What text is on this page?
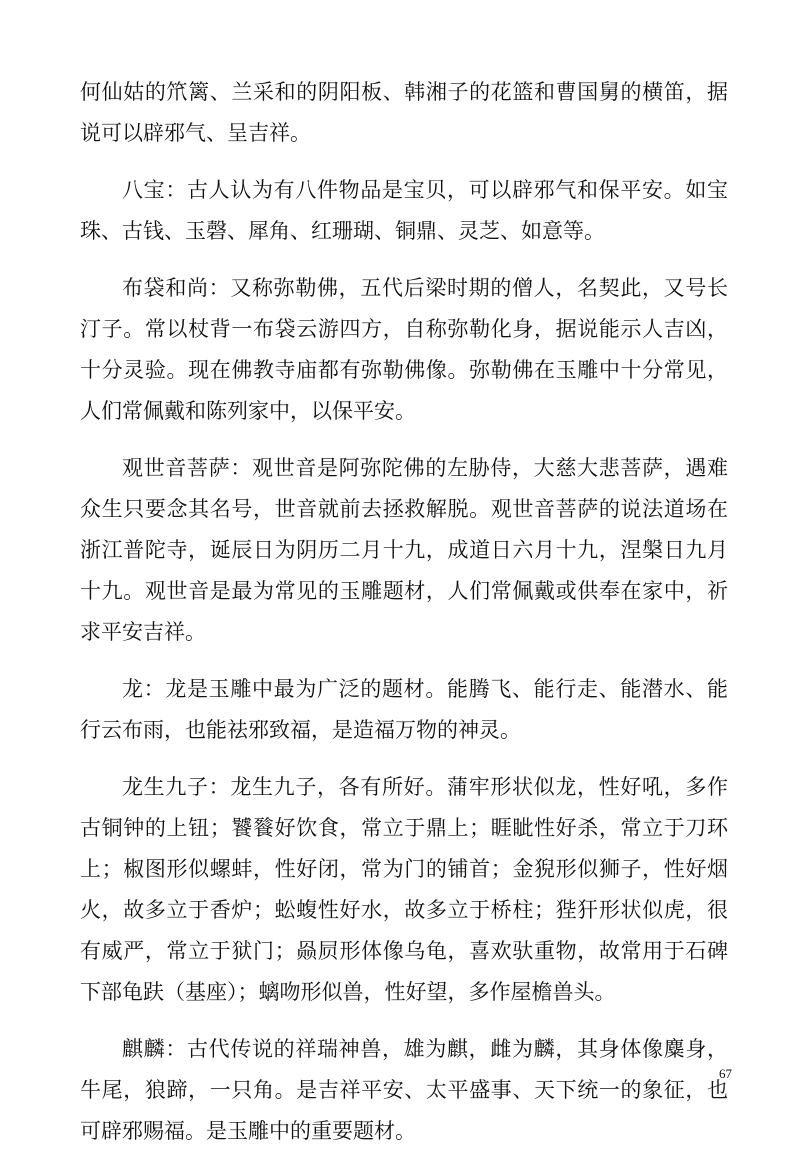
何仙姑的笊篱、兰采和的阴阳板、韩湘子的花篮和曹国舅的横笛，据说可以辟邪气、呈吉祥。

八宝：古人认为有八件物品是宝贝，可以辟邪气和保平安。如宝珠、古钱、玉磬、犀角、红珊瑚、铜鼎、灵芝、如意等。

布袋和尚：又称弥勒佛，五代后梁时期的僧人，名契此，又号长汀子。常以杖背一布袋云游四方，自称弥勒化身，据说能示人吉凶，十分灵验。现在佛教寺庙都有弥勒佛像。弥勒佛在玉雕中十分常见，人们常佩戴和陈列家中，以保平安。

观世音菩萨：观世音是阿弥陀佛的左胁侍，大慈大悲菩萨，遇难众生只要念其名号，世音就前去拯救解脱。观世音菩萨的说法道场在浙江普陀寺，诞辰日为阴历二月十九，成道日六月十九，涅槃日九月十九。观世音是最为常见的玉雕题材，人们常佩戴或供奉在家中，祈求平安吉祥。

龙：龙是玉雕中最为广泛的题材。能腾飞、能行走、能潜水、能行云布雨，也能祛邪致福，是造福万物的神灵。

龙生九子：龙生九子，各有所好。蒲牢形状似龙，性好吼，多作古铜钟的上钮；饕餮好饮食，常立于鼎上；睚眦性好杀，常立于刀环上；椒图形似螺蚌，性好闭，常为门的铺首；金猊形似狮子，性好烟火，故多立于香炉；蚣蝮性好水，故多立于桥柱；狴犴形状似虎，很有威严，常立于狱门；赑屃形体像乌龟，喜欢驮重物，故常用于石碑下部龟趺（基座）；螭吻形似兽，性好望，多作屋檐兽头。

麒麟：古代传说的祥瑞神兽，雄为麒，雌为麟，其身体像麋身，牛尾，狼蹄，一只角。是吉祥平安、太平盛事、天下统一的象征，也可辟邪赐福。是玉雕中的重要题材。

67
